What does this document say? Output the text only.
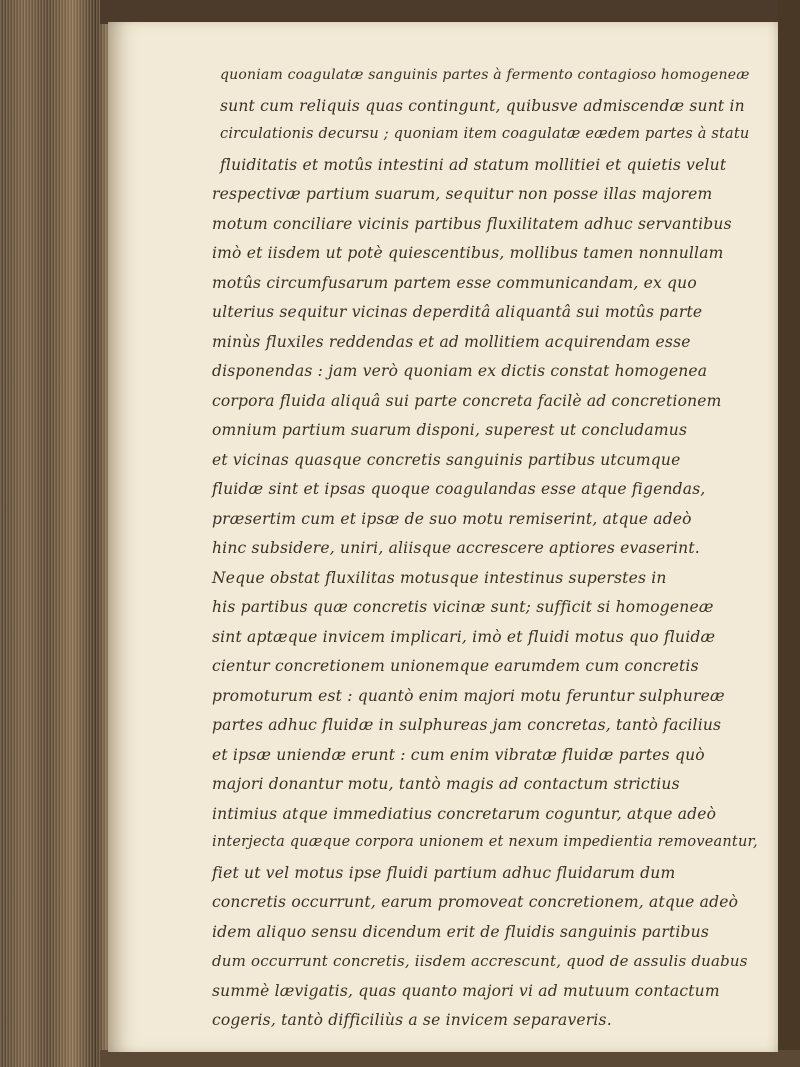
quoniam coagulatæ sanguinis partes à fermento contagioso homogeneæ
sunt cum reliquis quas contingunt, quibusve admiscendæ sunt in
circulationis decursu ; quoniam item coagulatæ eædem partes à statu
fluiditatis et motûs intestini ad statum mollitiei et quietis velut
respectivæ partium suarum, sequitur non posse illas majorem
motum conciliare vicinis partibus fluxilitatem adhuc servantibus
imò et iisdem ut potè quiescentibus, mollibus tamen nonnullam
motûs circumfusarum partem esse communicandam, ex quo
ulterius sequitur vicinas deperditâ aliquantâ sui motûs parte
minùs fluxiles reddendas et ad mollitiem acquirendam esse
disponendas : jam verò quoniam ex dictis constat homogenea
corpora fluida aliquâ sui parte concreta facilè ad concretionem
omnium partium suarum disponi, superest ut concludamus
et vicinas quasque concretis sanguinis partibus utcumque
fluidæ sint et ipsas quoque coagulandas esse atque figendas,
præsertim cum et ipsæ de suo motu remiserint, atque adeò
hinc subsidere, uniri, aliisque accrescere aptiores evaserint.
Neque obstat fluxilitas motusque intestinus superstes in
his partibus quæ concretis vicinæ sunt; sufficit si homogeneæ
sint aptæque invicem implicari, imò et fluidi motus quo fluidæ
cientur concretionem unionemque earumdem cum concretis
promoturum est : quantò enim majori motu feruntur sulphureæ
partes adhuc fluidæ in sulphureas jam concretas, tantò facilius
et ipsæ uniendæ erunt : cum enim vibratæ fluidæ partes quò
majori donantur motu, tantò magis ad contactum strictius
intimius atque immediatius concretarum coguntur, atque adeò
interjecta quæque corpora unionem et nexum impedientia removeantur,
fiet ut vel motus ipse fluidi partium adhuc fluidarum dum
concretis occurrunt, earum promoveat concretionem, atque adeò
idem aliquo sensu dicendum erit de fluidis sanguinis partibus
dum occurrunt concretis, iisdem accrescunt, quod de assulis duabus
summè lævigatis, quas quanto majori vi ad mutuum contactum
cogeris, tantò difficiliùs a se invicem separaveris.
